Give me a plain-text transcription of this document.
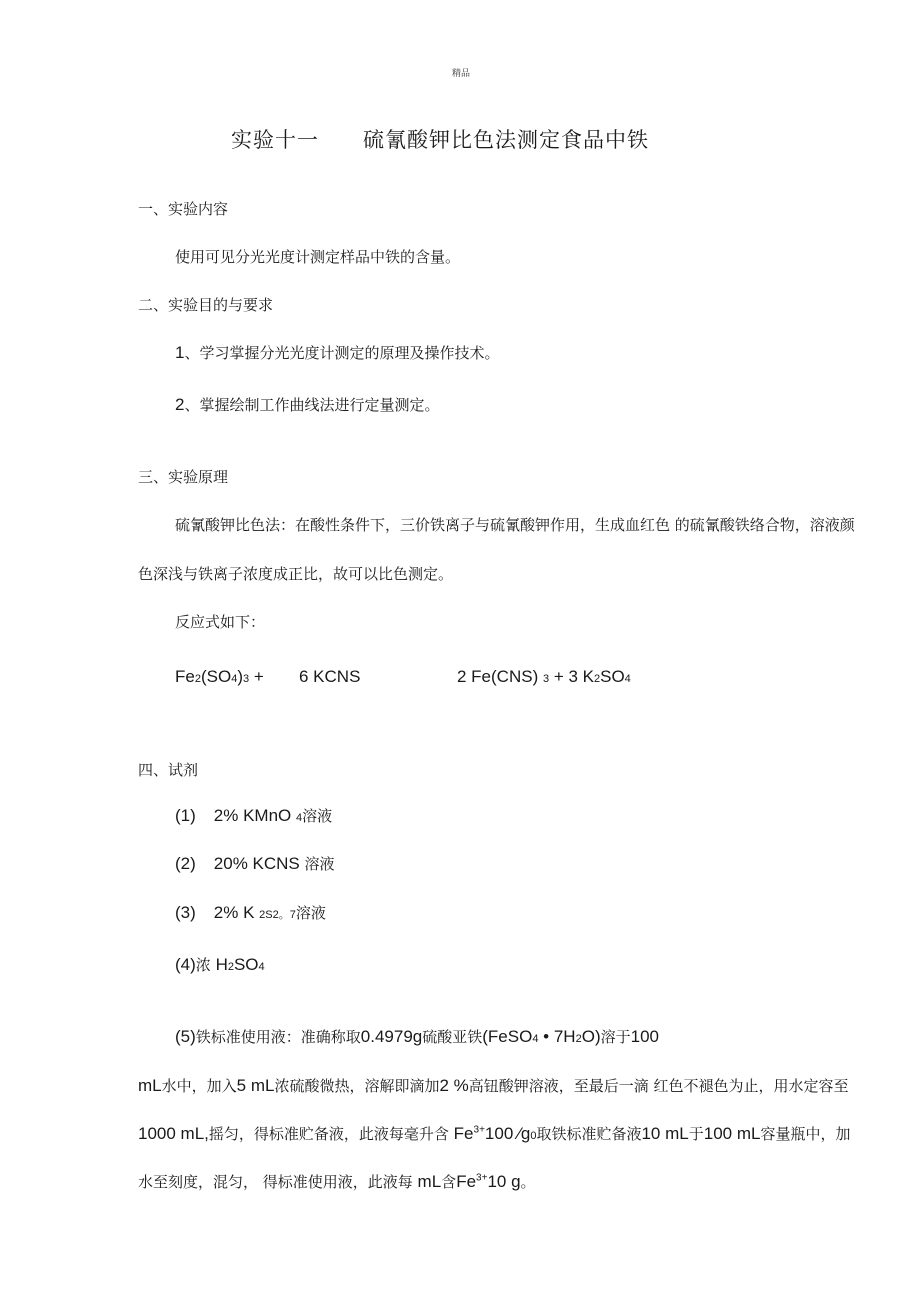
精品
实验十一 硫氰酸钾比色法测定食品中铁
一、实验内容
使用可见分光光度计测定样品中铁的含量。
二、实验目的与要求
1、学习掌握分光光度计测定的原理及操作技术。
2、掌握绘制工作曲线法进行定量测定。
三、实验原理
硫氰酸钾比色法：在酸性条件下，三价铁离子与硫氰酸钾作用，生成血红色 的硫氰酸铁络合物，溶液颜
色深浅与铁离子浓度成正比，故可以比色测定。
反应式如下：
Fe2(SO4)3 + 6 KCNS	2 Fe(CNS) 3 + 3 K2SO4
四、试剂
(1) 2% KMnO 4溶液
(2) 20% KCNS 溶液
(3) 2% K 2S2。7溶液
(4)浓 H2SO4
(5)铁标准使用液：准确称取0.4979g硫酸亚铁(FeSO4 • 7H2O)溶于100
mL水中，加入5 mL浓硫酸微热，溶解即滴加2 %高钮酸钾溶液，至最后一滴 红色不褪色为止，用水定容至
1000 mL,摇匀，得标准贮备液，此液每毫升含 $Fe^{3+}100$ ⁄g0取铁标准贮备液10 mL于100 mL容量瓶中，加
水至刻度，混匀， 得标准使用液，此液每 mL含$Fe^{3+}10$ g。
